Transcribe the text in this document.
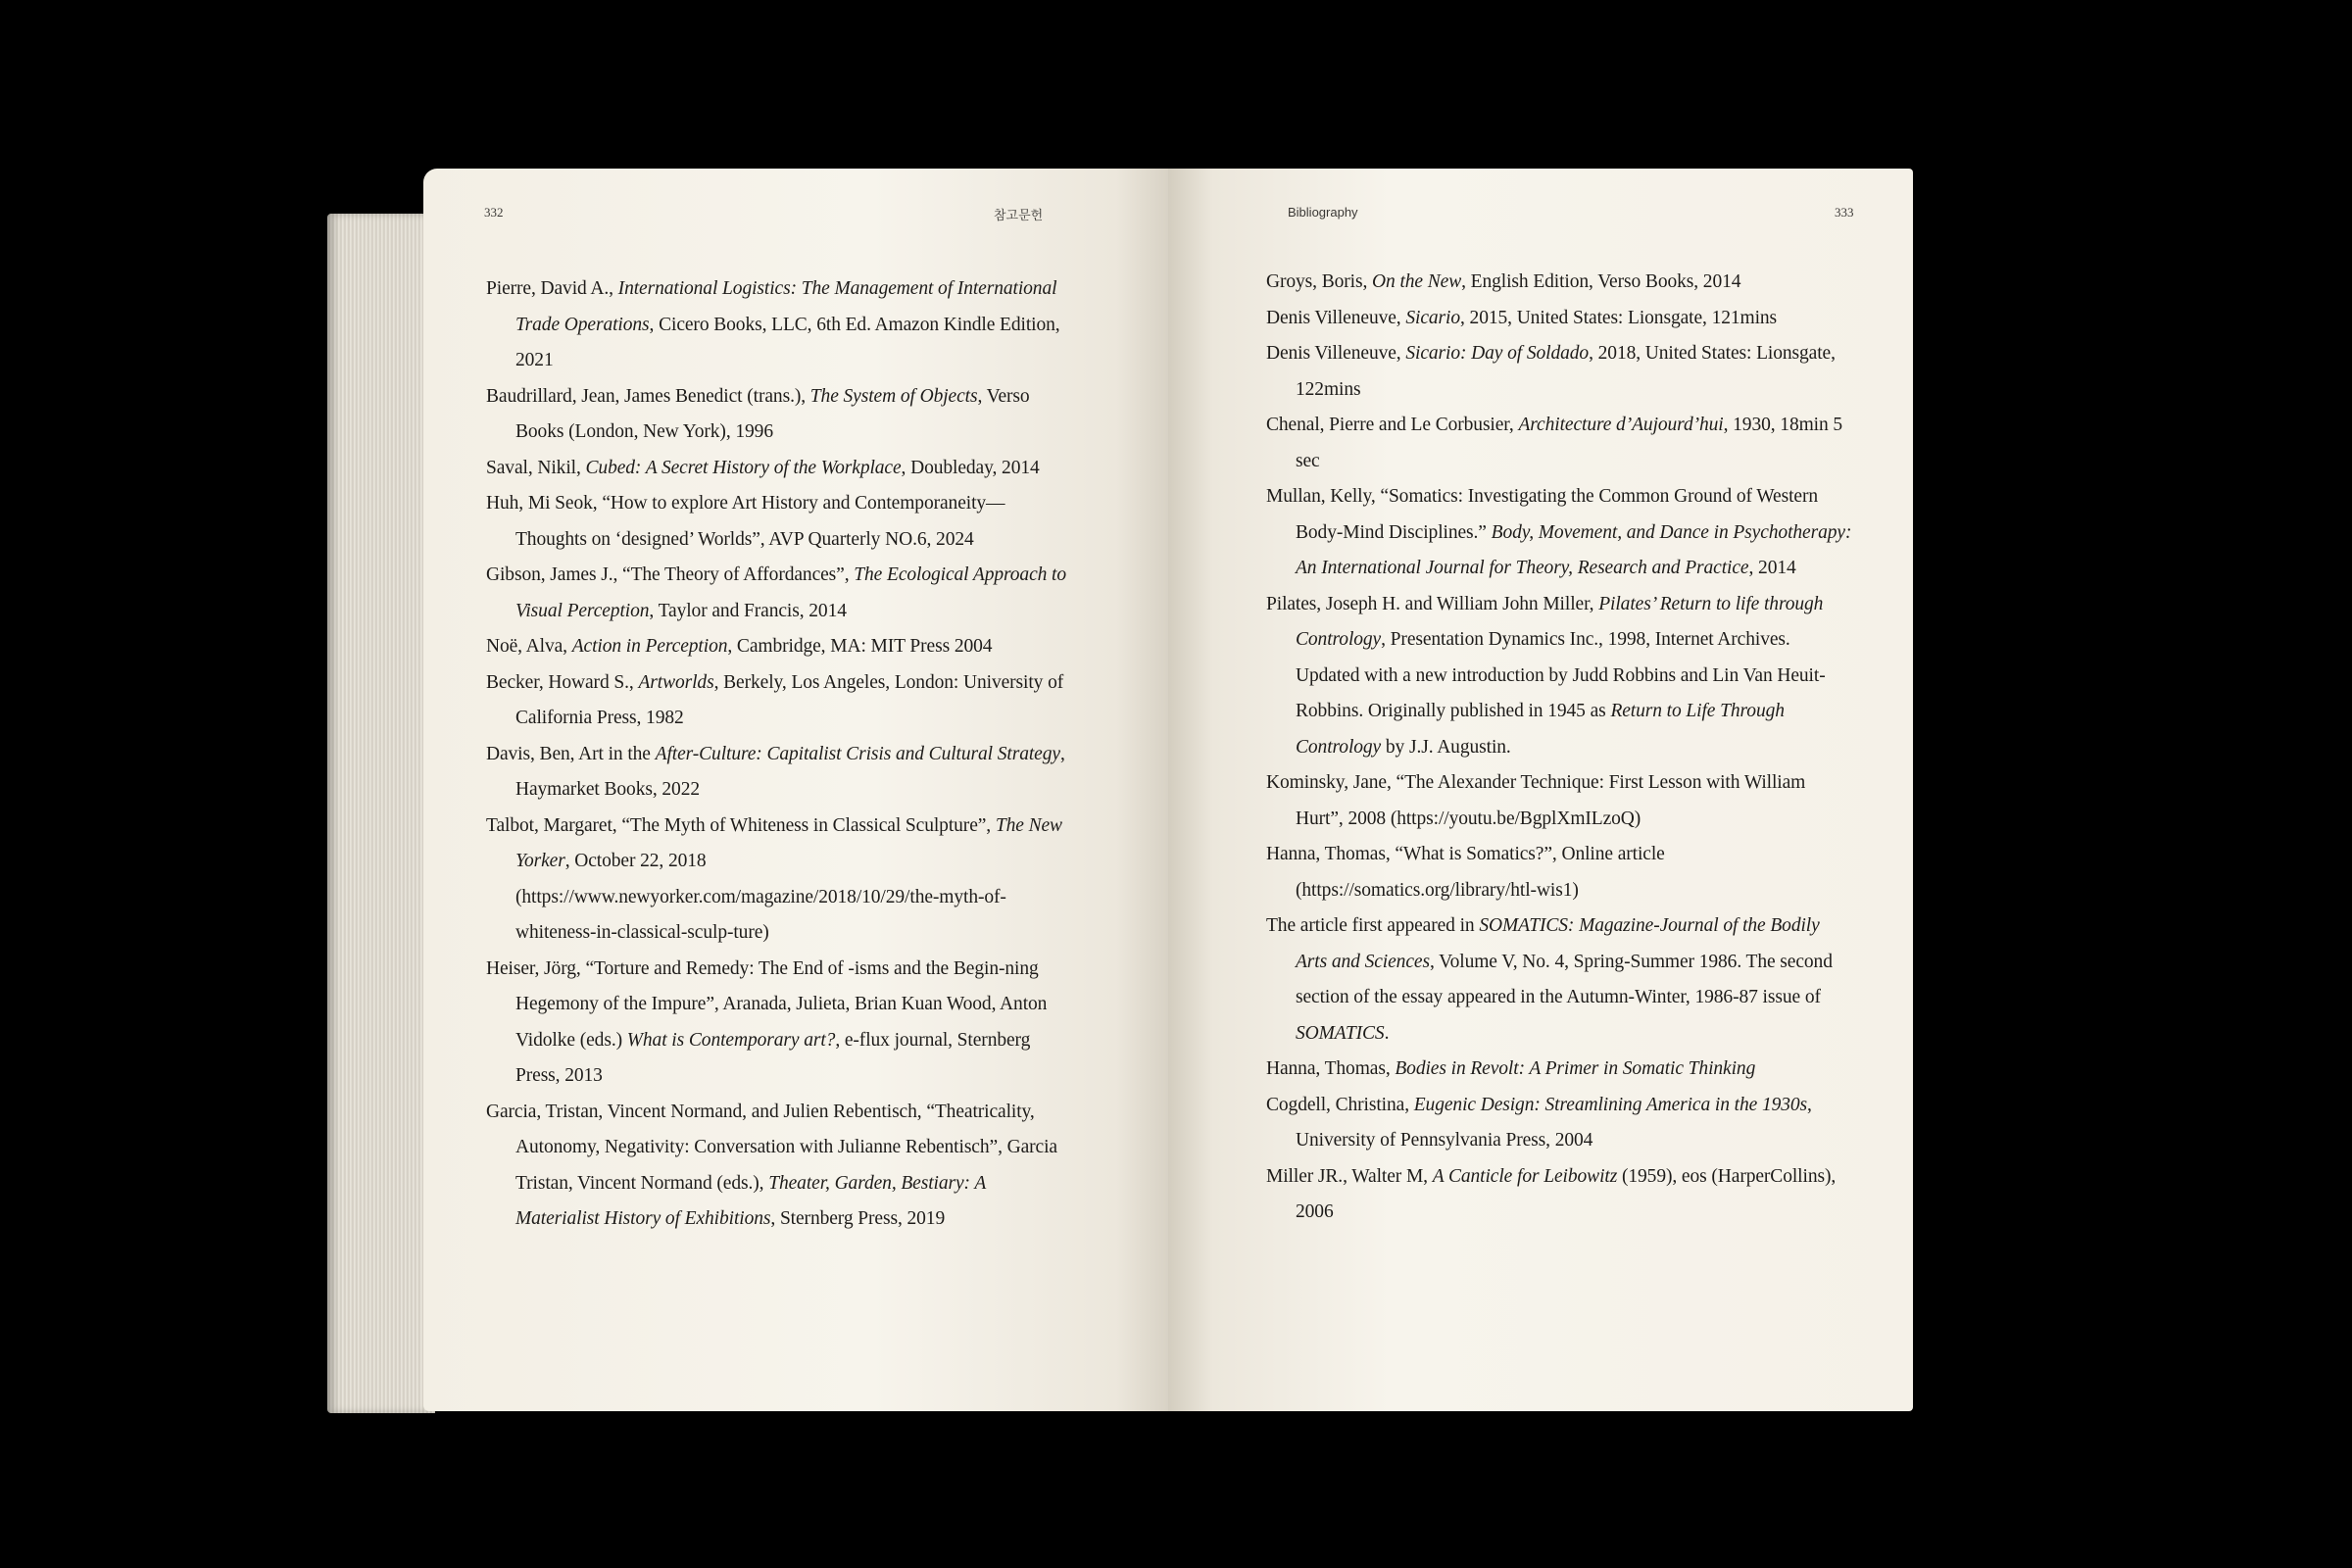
332	참고문헌
Pierre, David A., International Logistics: The Management of International Trade Operations, Cicero Books, LLC, 6th Ed. Amazon Kindle Edition, 2021
Baudrillard, Jean, James Benedict (trans.), The System of Objects, Verso Books (London, New York), 1996
Saval, Nikil, Cubed: A Secret History of the Workplace, Doubleday, 2014
Huh, Mi Seok, “How to explore Art History and Contemporaneity—Thoughts on ‘designed’ Worlds”, AVP Quarterly NO.6, 2024
Gibson, James J., “The Theory of Affordances”, The Ecological Approach to Visual Perception, Taylor and Francis, 2014
Noë, Alva, Action in Perception, Cambridge, MA: MIT Press 2004
Becker, Howard S., Artworlds, Berkely, Los Angeles, London: University of California Press, 1982
Davis, Ben, Art in the After-Culture: Capitalist Crisis and Cultural Strategy, Haymarket Books, 2022
Talbot, Margaret, “The Myth of Whiteness in Classical Sculpture”, The New Yorker, October 22, 2018 (https://www.newyorker.com/magazine/2018/10/29/the-myth-of-whiteness-in-classical-sculp-ture)
Heiser, Jörg, “Torture and Remedy: The End of -isms and the Begin-ning Hegemony of the Impure”, Aranada, Julieta, Brian Kuan Wood, Anton Vidolke (eds.) What is Contemporary art?, e-flux journal, Sternberg Press, 2013
Garcia, Tristan, Vincent Normand, and Julien Rebentisch, “Theatricality, Autonomy, Negativity: Conversation with Julianne Rebentisch”, Garcia Tristan, Vincent Normand (eds.), Theater, Garden, Bestiary: A Materialist History of Exhibitions, Sternberg Press, 2019
Bibliography	333
Groys, Boris, On the New, English Edition, Verso Books, 2014
Denis Villeneuve, Sicario, 2015, United States: Lionsgate, 121mins
Denis Villeneuve, Sicario: Day of Soldado, 2018, United States: Lionsgate, 122mins
Chenal, Pierre and Le Corbusier, Architecture d’Aujourd’hui, 1930, 18min 5 sec
Mullan, Kelly, “Somatics: Investigating the Common Ground of Western Body-Mind Disciplines.” Body, Movement, and Dance in Psychotherapy: An International Journal for Theory, Research and Practice, 2014
Pilates, Joseph H. and William John Miller, Pilates’ Return to life through Contrology, Presentation Dynamics Inc., 1998, Internet Archives. Updated with a new introduction by Judd Robbins and Lin Van Heuit-Robbins. Originally published in 1945 as Return to Life Through Contrology by J.J. Augustin.
Kominsky, Jane, “The Alexander Technique: First Lesson with William Hurt”, 2008 (https://youtu.be/BgplXmILzoQ)
Hanna, Thomas, “What is Somatics?”, Online article (https://somatics.org/library/htl-wis1)
The article first appeared in SOMATICS: Magazine-Journal of the Bodily Arts and Sciences, Volume V, No. 4, Spring-Summer 1986. The second section of the essay appeared in the Autumn-Winter, 1986-87 issue of SOMATICS.
Hanna, Thomas, Bodies in Revolt: A Primer in Somatic Thinking
Cogdell, Christina, Eugenic Design: Streamlining America in the 1930s, University of Pennsylvania Press, 2004
Miller JR., Walter M, A Canticle for Leibowitz (1959), eos (HarperCollins), 2006
